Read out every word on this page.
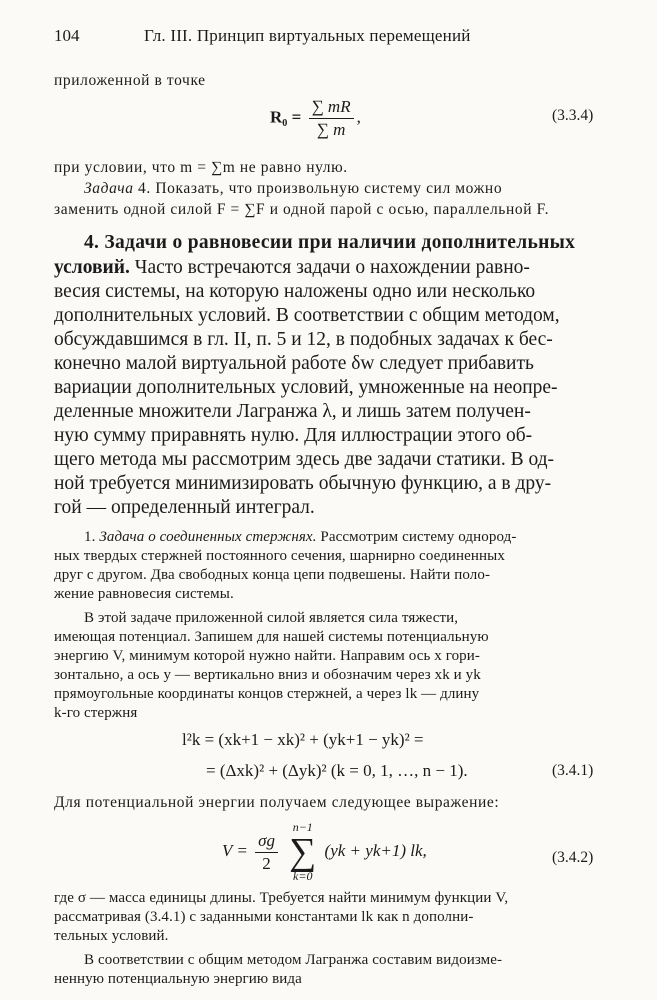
104	Гл. III. Принцип виртуальных перемещений
приложенной в точке
$R_0 = \frac{\sum mR}{\sum m}$ ,	(3.3.4)
при условии, что m = ∑m не равно нулю.
Задача 4. Показать, что произвольную систему сил можно
заменить одной силой F = ∑F и одной парой с осью, параллельной F.
4. Задачи о равновесии при наличии дополнительных
условий. Часто встречаются задачи о нахождении равно-
весия системы, на которую наложены одно или несколько
дополнительных условий. В соответствии с общим методом,
обсуждавшимся в гл. II, п. 5 и 12, в подобных задачах к бес-
конечно малой виртуальной работе δw следует прибавить
вариации дополнительных условий, умноженные на неопре-
деленные множители Лагранжа λ, и лишь затем получен-
ную сумму приравнять нулю. Для иллюстрации этого об-
щего метода мы рассмотрим здесь две задачи статики. В од-
ной требуется минимизировать обычную функцию, а в дру-
гой — определенный интеграл.
1. Задача о соединенных стержнях. Рассмотрим систему однород-
ных твердых стержней постоянного сечения, шарнирно соединенных
друг с другом. Два свободных конца цепи подвешены. Найти поло-
жение равновесия системы.
В этой задаче приложенной силой является сила тяжести,
имеющая потенциал. Запишем для нашей системы потенциальную
энергию V, минимум которой нужно найти. Направим ось x гори-
зонтально, а ось y — вертикально вниз и обозначим через xk и yk
прямоугольные координаты концов стержней, а через lk — длину
k-го стержня
l²k = (xk+1 − xk)² + (yk+1 − yk)² =
= (Δxk)² + (Δyk)² (k = 0, 1, …, n − 1).	(3.4.1)
Для потенциальной энергии получаем следующее выражение:
$V = \frac{\sigma g}{2}$

n−1
∑
k=0
(yk + yk+1) lk,	(3.4.2)
где σ — масса единицы длины. Требуется найти минимум функции V,
рассматривая (3.4.1) с заданными константами lk как n дополни-
тельных условий.
В соответствии с общим методом Лагранжа составим видоизме-
ненную потенциальную энергию вида
